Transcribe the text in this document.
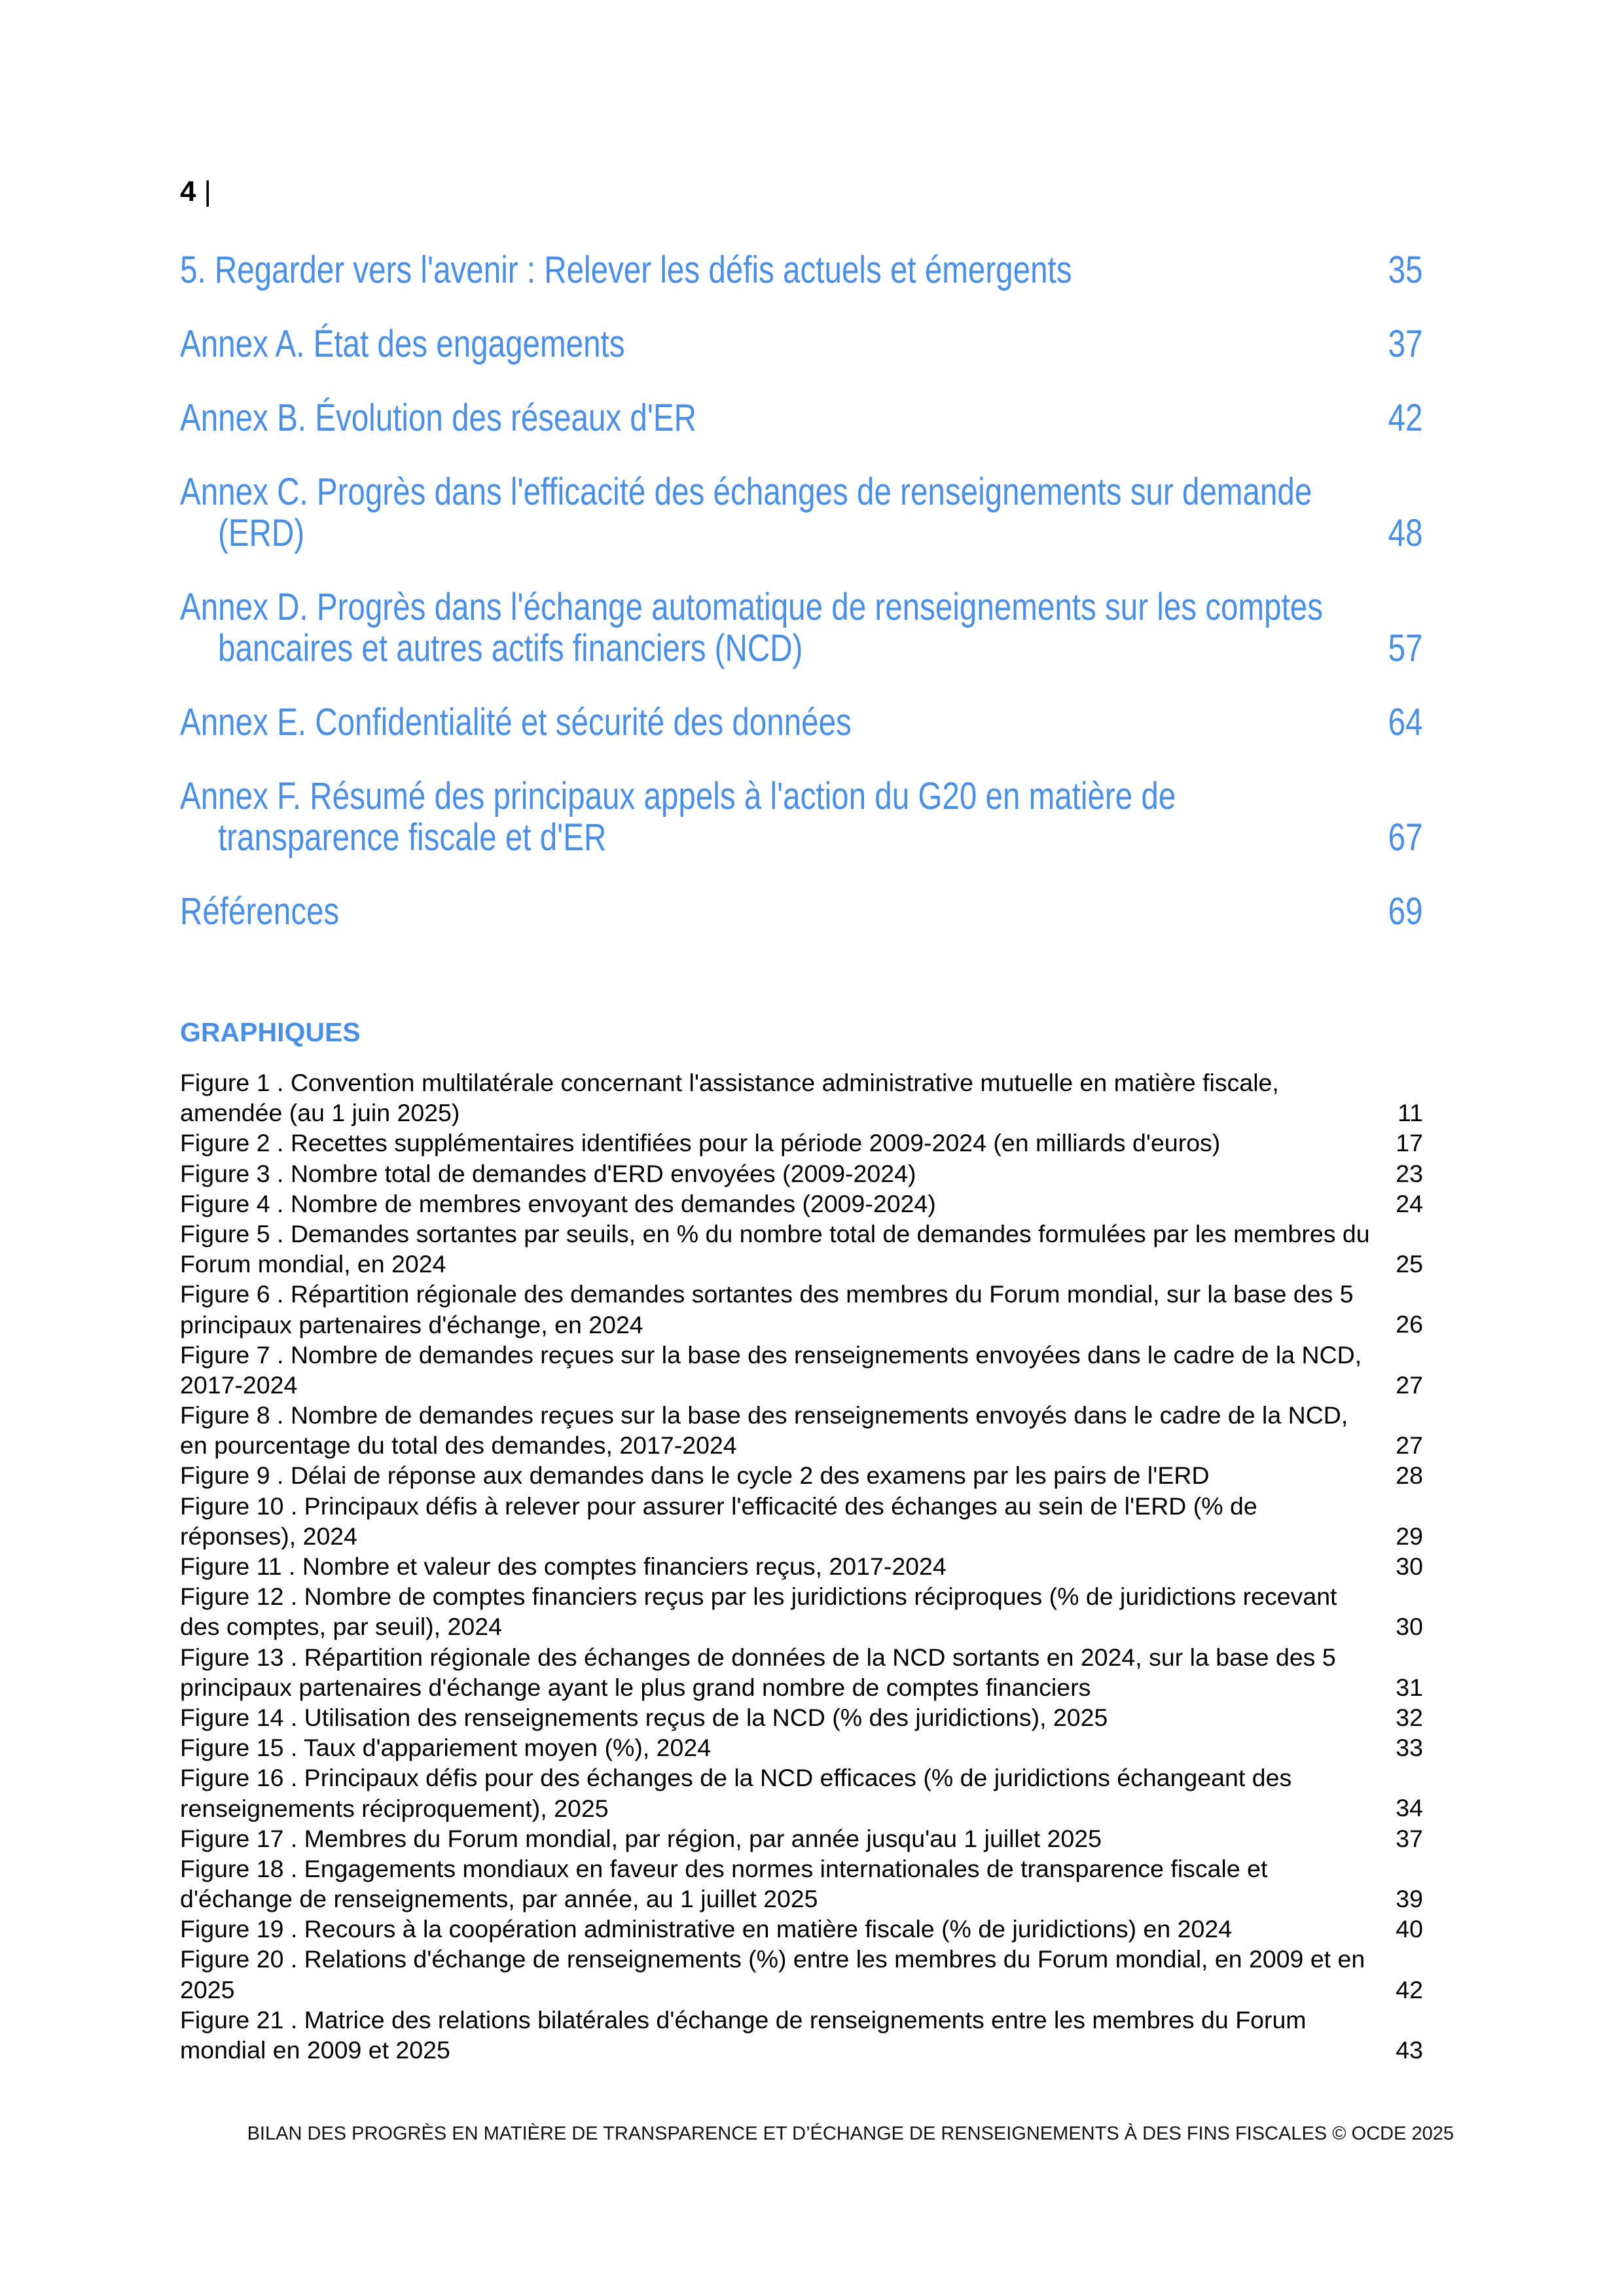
4 |
5. Regarder vers l'avenir : Relever les défis actuels et émergents	35
Annex A. État des engagements	37
Annex B. Évolution des réseaux d'ER	42
Annex C. Progrès dans l'efficacité des échanges de renseignements sur demande
(ERD)	48
Annex D. Progrès dans l'échange automatique de renseignements sur les comptes
bancaires et autres actifs financiers (NCD)	57
Annex E. Confidentialité et sécurité des données	64
Annex F. Résumé des principaux appels à l'action du G20 en matière de
transparence fiscale et d'ER	67
Références	69
GRAPHIQUES
Figure 1 . Convention multilatérale concernant l'assistance administrative mutuelle en matière fiscale,
amendée (au 1 juin 2025)	11
Figure 2 . Recettes supplémentaires identifiées pour la période 2009-2024 (en milliards d'euros)	17
Figure 3 . Nombre total de demandes d'ERD envoyées (2009-2024)	23
Figure 4 . Nombre de membres envoyant des demandes (2009-2024)	24
Figure 5 . Demandes sortantes par seuils, en % du nombre total de demandes formulées par les membres du
Forum mondial, en 2024	25
Figure 6 . Répartition régionale des demandes sortantes des membres du Forum mondial, sur la base des 5
principaux partenaires d'échange, en 2024	26
Figure 7 . Nombre de demandes reçues sur la base des renseignements envoyées dans le cadre de la NCD,
2017-2024	27
Figure 8 . Nombre de demandes reçues sur la base des renseignements envoyés dans le cadre de la NCD,
en pourcentage du total des demandes, 2017-2024	27
Figure 9 . Délai de réponse aux demandes dans le cycle 2 des examens par les pairs de l'ERD	28
Figure 10 . Principaux défis à relever pour assurer l'efficacité des échanges au sein de l'ERD (% de
réponses), 2024	29
Figure 11 . Nombre et valeur des comptes financiers reçus, 2017-2024	30
Figure 12 . Nombre de comptes financiers reçus par les juridictions réciproques (% de juridictions recevant
des comptes, par seuil), 2024	30
Figure 13 . Répartition régionale des échanges de données de la NCD sortants en 2024, sur la base des 5
principaux partenaires d'échange ayant le plus grand nombre de comptes financiers	31
Figure 14 . Utilisation des renseignements reçus de la NCD (% des juridictions), 2025	32
Figure 15 . Taux d'appariement moyen (%), 2024	33
Figure 16 . Principaux défis pour des échanges de la NCD efficaces (% de juridictions échangeant des
renseignements réciproquement), 2025	34
Figure 17 . Membres du Forum mondial, par région, par année jusqu'au 1 juillet 2025	37
Figure 18 . Engagements mondiaux en faveur des normes internationales de transparence fiscale et
d'échange de renseignements, par année, au 1 juillet 2025	39
Figure 19 . Recours à la coopération administrative en matière fiscale (% de juridictions) en 2024	40
Figure 20 . Relations d'échange de renseignements (%) entre les membres du Forum mondial, en 2009 et en
2025	42
Figure 21 . Matrice des relations bilatérales d'échange de renseignements entre les membres du Forum
mondial en 2009 et 2025	43
BILAN DES PROGRÈS EN MATIÈRE DE TRANSPARENCE ET D’ÉCHANGE DE RENSEIGNEMENTS À DES FINS FISCALES © OCDE 2025
